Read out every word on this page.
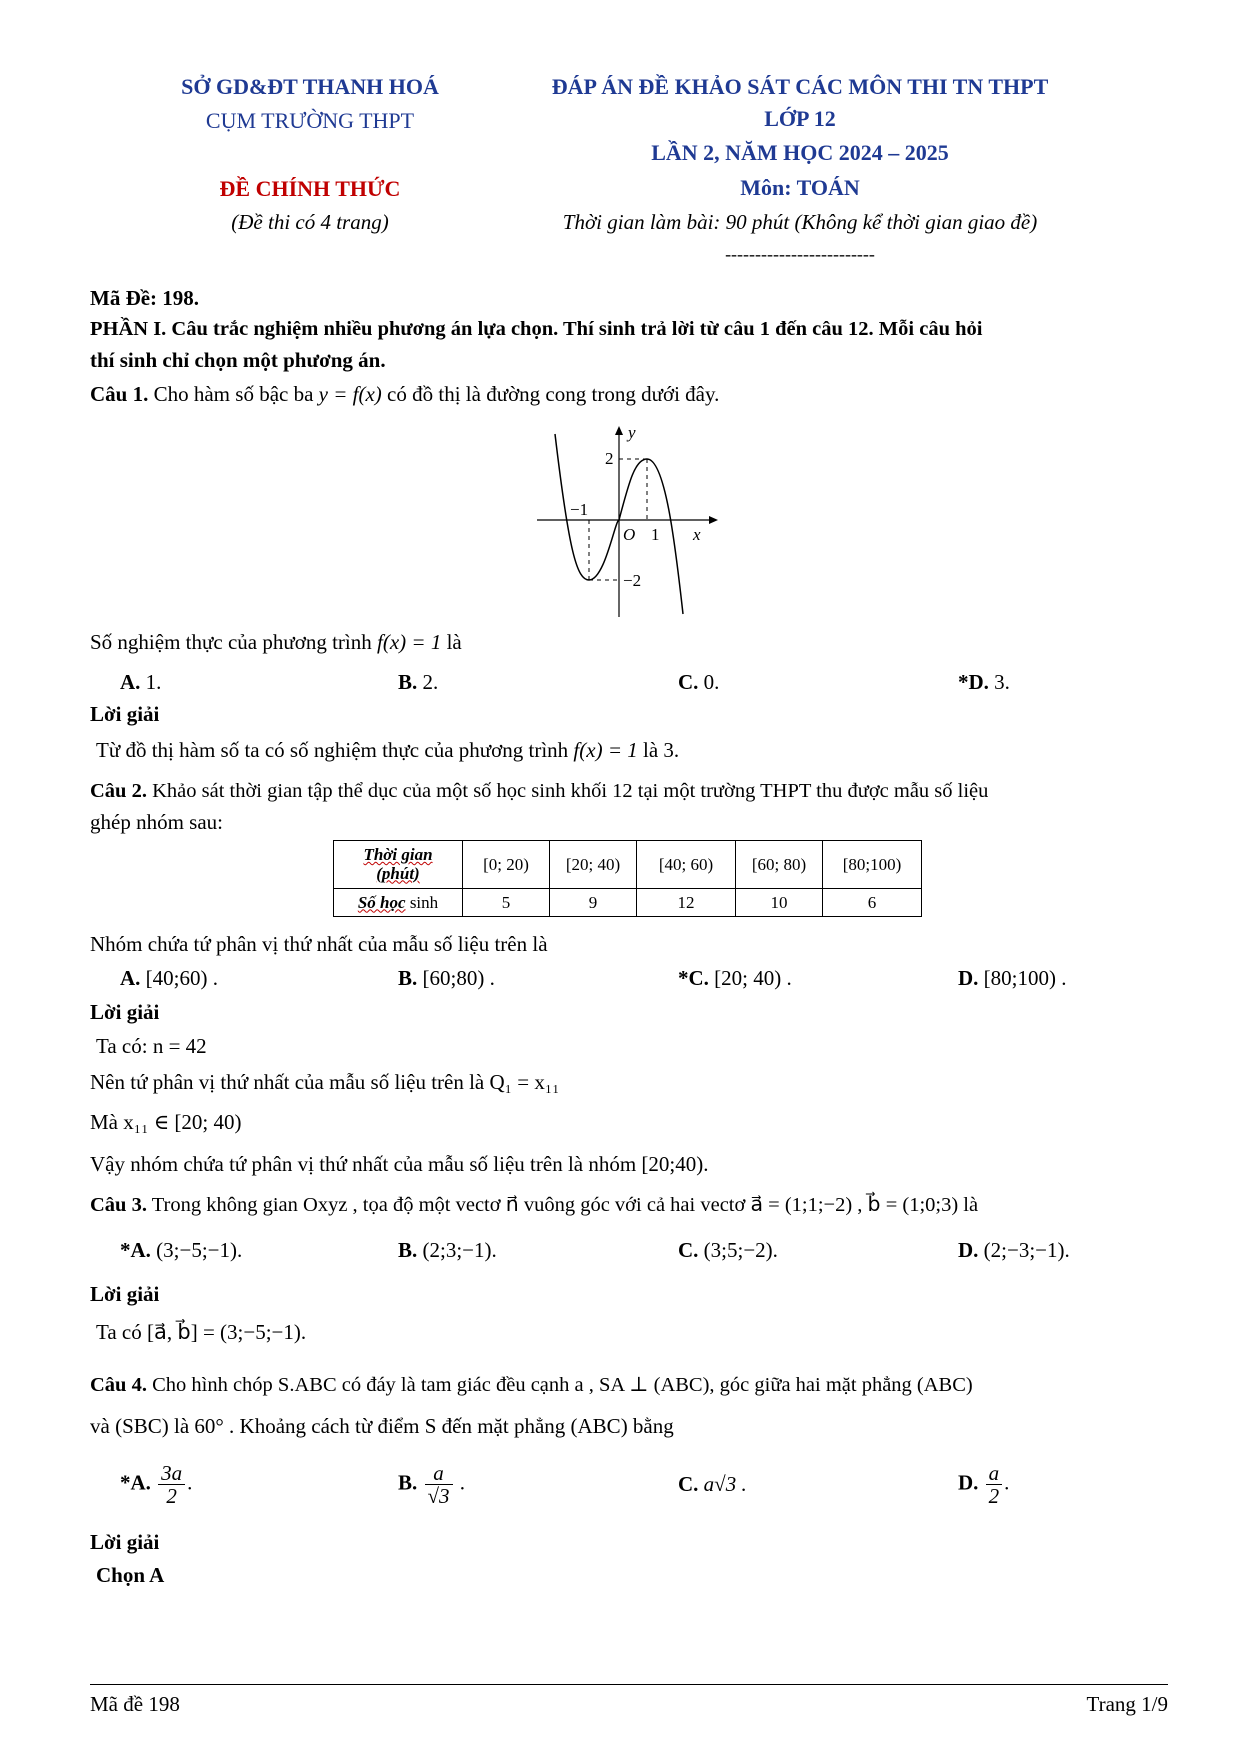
SỞ GD&ĐT THANH HOÁ
CỤM TRƯỜNG THPT
ĐỀ CHÍNH THỨC
(Đề thi có 4 trang)
ĐÁP ÁN ĐỀ KHẢO SÁT CÁC MÔN THI TN THPT
LỚP 12
LẦN 2, NĂM HỌC 2024 – 2025
Môn: TOÁN
Thời gian làm bài: 90 phút (Không kể thời gian giao đề)
-------------------------
Mã Đề: 198.
PHẦN I. Câu trắc nghiệm nhiều phương án lựa chọn. Thí sinh trả lời từ câu 1 đến câu 12. Mỗi câu hỏi
thí sinh chỉ chọn một phương án.
Câu 1. Cho hàm số bậc ba y = f(x) có đồ thị là đường cong trong dưới đây.
y
x
2
−1
O 1
−2
Số nghiệm thực của phương trình f(x) = 1 là
A. 1.	B. 2.	C. 0.	*D. 3.
Lời giải
Từ đồ thị hàm số ta có số nghiệm thực của phương trình f(x) = 1 là 3.
Câu 2. Khảo sát thời gian tập thể dục của một số học sinh khối 12 tại một trường THPT thu được mẫu số liệu
ghép nhóm sau:
Thời gian
(phút)	[0; 20)	[20; 40)	[40; 60)	[60; 80)	[80;100)
Số học sinh	5	9	12	10	6
Nhóm chứa tứ phân vị thứ nhất của mẫu số liệu trên là
A. [40;60) .	B. [60;80) .	*C. [20; 40) .	D. [80;100) .
Lời giải
Ta có: n = 42
Nên tứ phân vị thứ nhất của mẫu số liệu trên là Q₁ = x₁₁
Mà x₁₁ ∈ [20; 40)
Vậy nhóm chứa tứ phân vị thứ nhất của mẫu số liệu trên là nhóm [20;40).
Câu 3. Trong không gian Oxyz , tọa độ một vectơ n⃗ vuông góc với cả hai vectơ a⃗ = (1;1;−2) , b⃗ = (1;0;3) là
*A. (3;−5;−1).	B. (2;3;−1).	C. (3;5;−2).	D. (2;−3;−1).
Lời giải
Ta có [a⃗, b⃗] = (3;−5;−1).
Câu 4. Cho hình chóp S.ABC có đáy là tam giác đều cạnh a , SA ⊥ (ABC), góc giữa hai mặt phẳng (ABC)
và (SBC) là 60° . Khoảng cách từ điểm S đến mặt phẳng (ABC) bằng
*A. $\frac{3a}{2}$ .	B. $\frac{a}{√3}$ .	C. a√3 .	D. $\frac{a}{2}$ .
Lời giải
Chọn A
Mã đề 198	Trang 1/9
